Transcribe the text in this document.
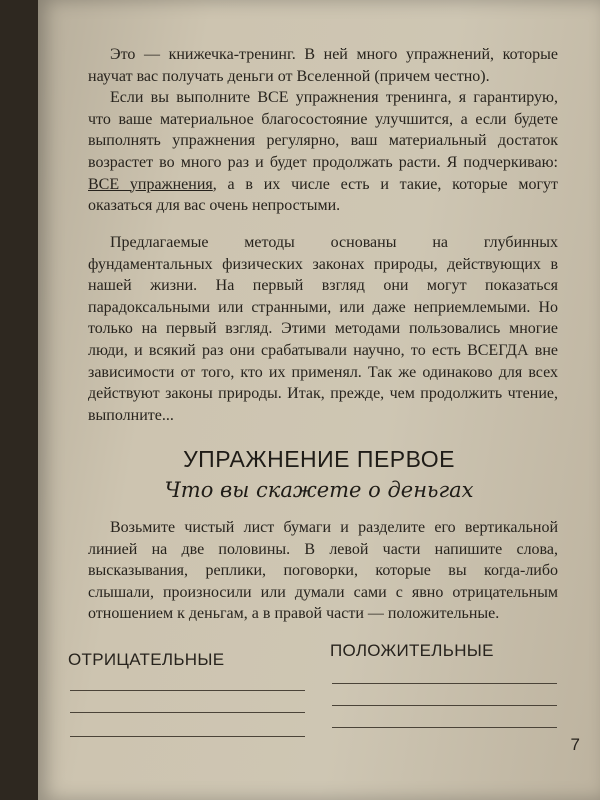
Это — книжечка-тренинг. В ней много упражнений, которые научат вас получать деньги от Вселенной (причем честно).

Если вы выполните ВСЕ упражнения тренинга, я гарантирую, что ваше материальное благосостояние улучшится, а если будете выполнять упражнения регулярно, ваш материальный достаток возрастет во много раз и будет продолжать расти. Я подчеркиваю: ВСЕ упражнения, а в их числе есть и такие, которые могут оказаться для вас очень непростыми.

Предлагаемые методы основаны на глубинных фундаментальных физических законах природы, действующих в нашей жизни. На первый взгляд они могут показаться парадоксальными или странными, или даже неприемлемыми. Но только на первый взгляд. Этими методами пользовались многие люди, и всякий раз они срабатывали научно, то есть ВСЕГДА вне зависимости от того, кто их применял. Так же одинаково для всех действуют законы природы. Итак, прежде, чем продолжить чтение, выполните...

УПРАЖНЕНИЕ ПЕРВОЕ
Что вы скажете о деньгах

Возьмите чистый лист бумаги и разделите его вертикальной линией на две половины. В левой части напишите слова, высказывания, реплики, поговорки, которые вы когда-либо слышали, произносили или думали сами с явно отрицательным отношением к деньгам, а в правой части — положительные.

ОТРИЦАТЕЛЬНЫЕ	ПОЛОЖИТЕЛЬНЫЕ
7
